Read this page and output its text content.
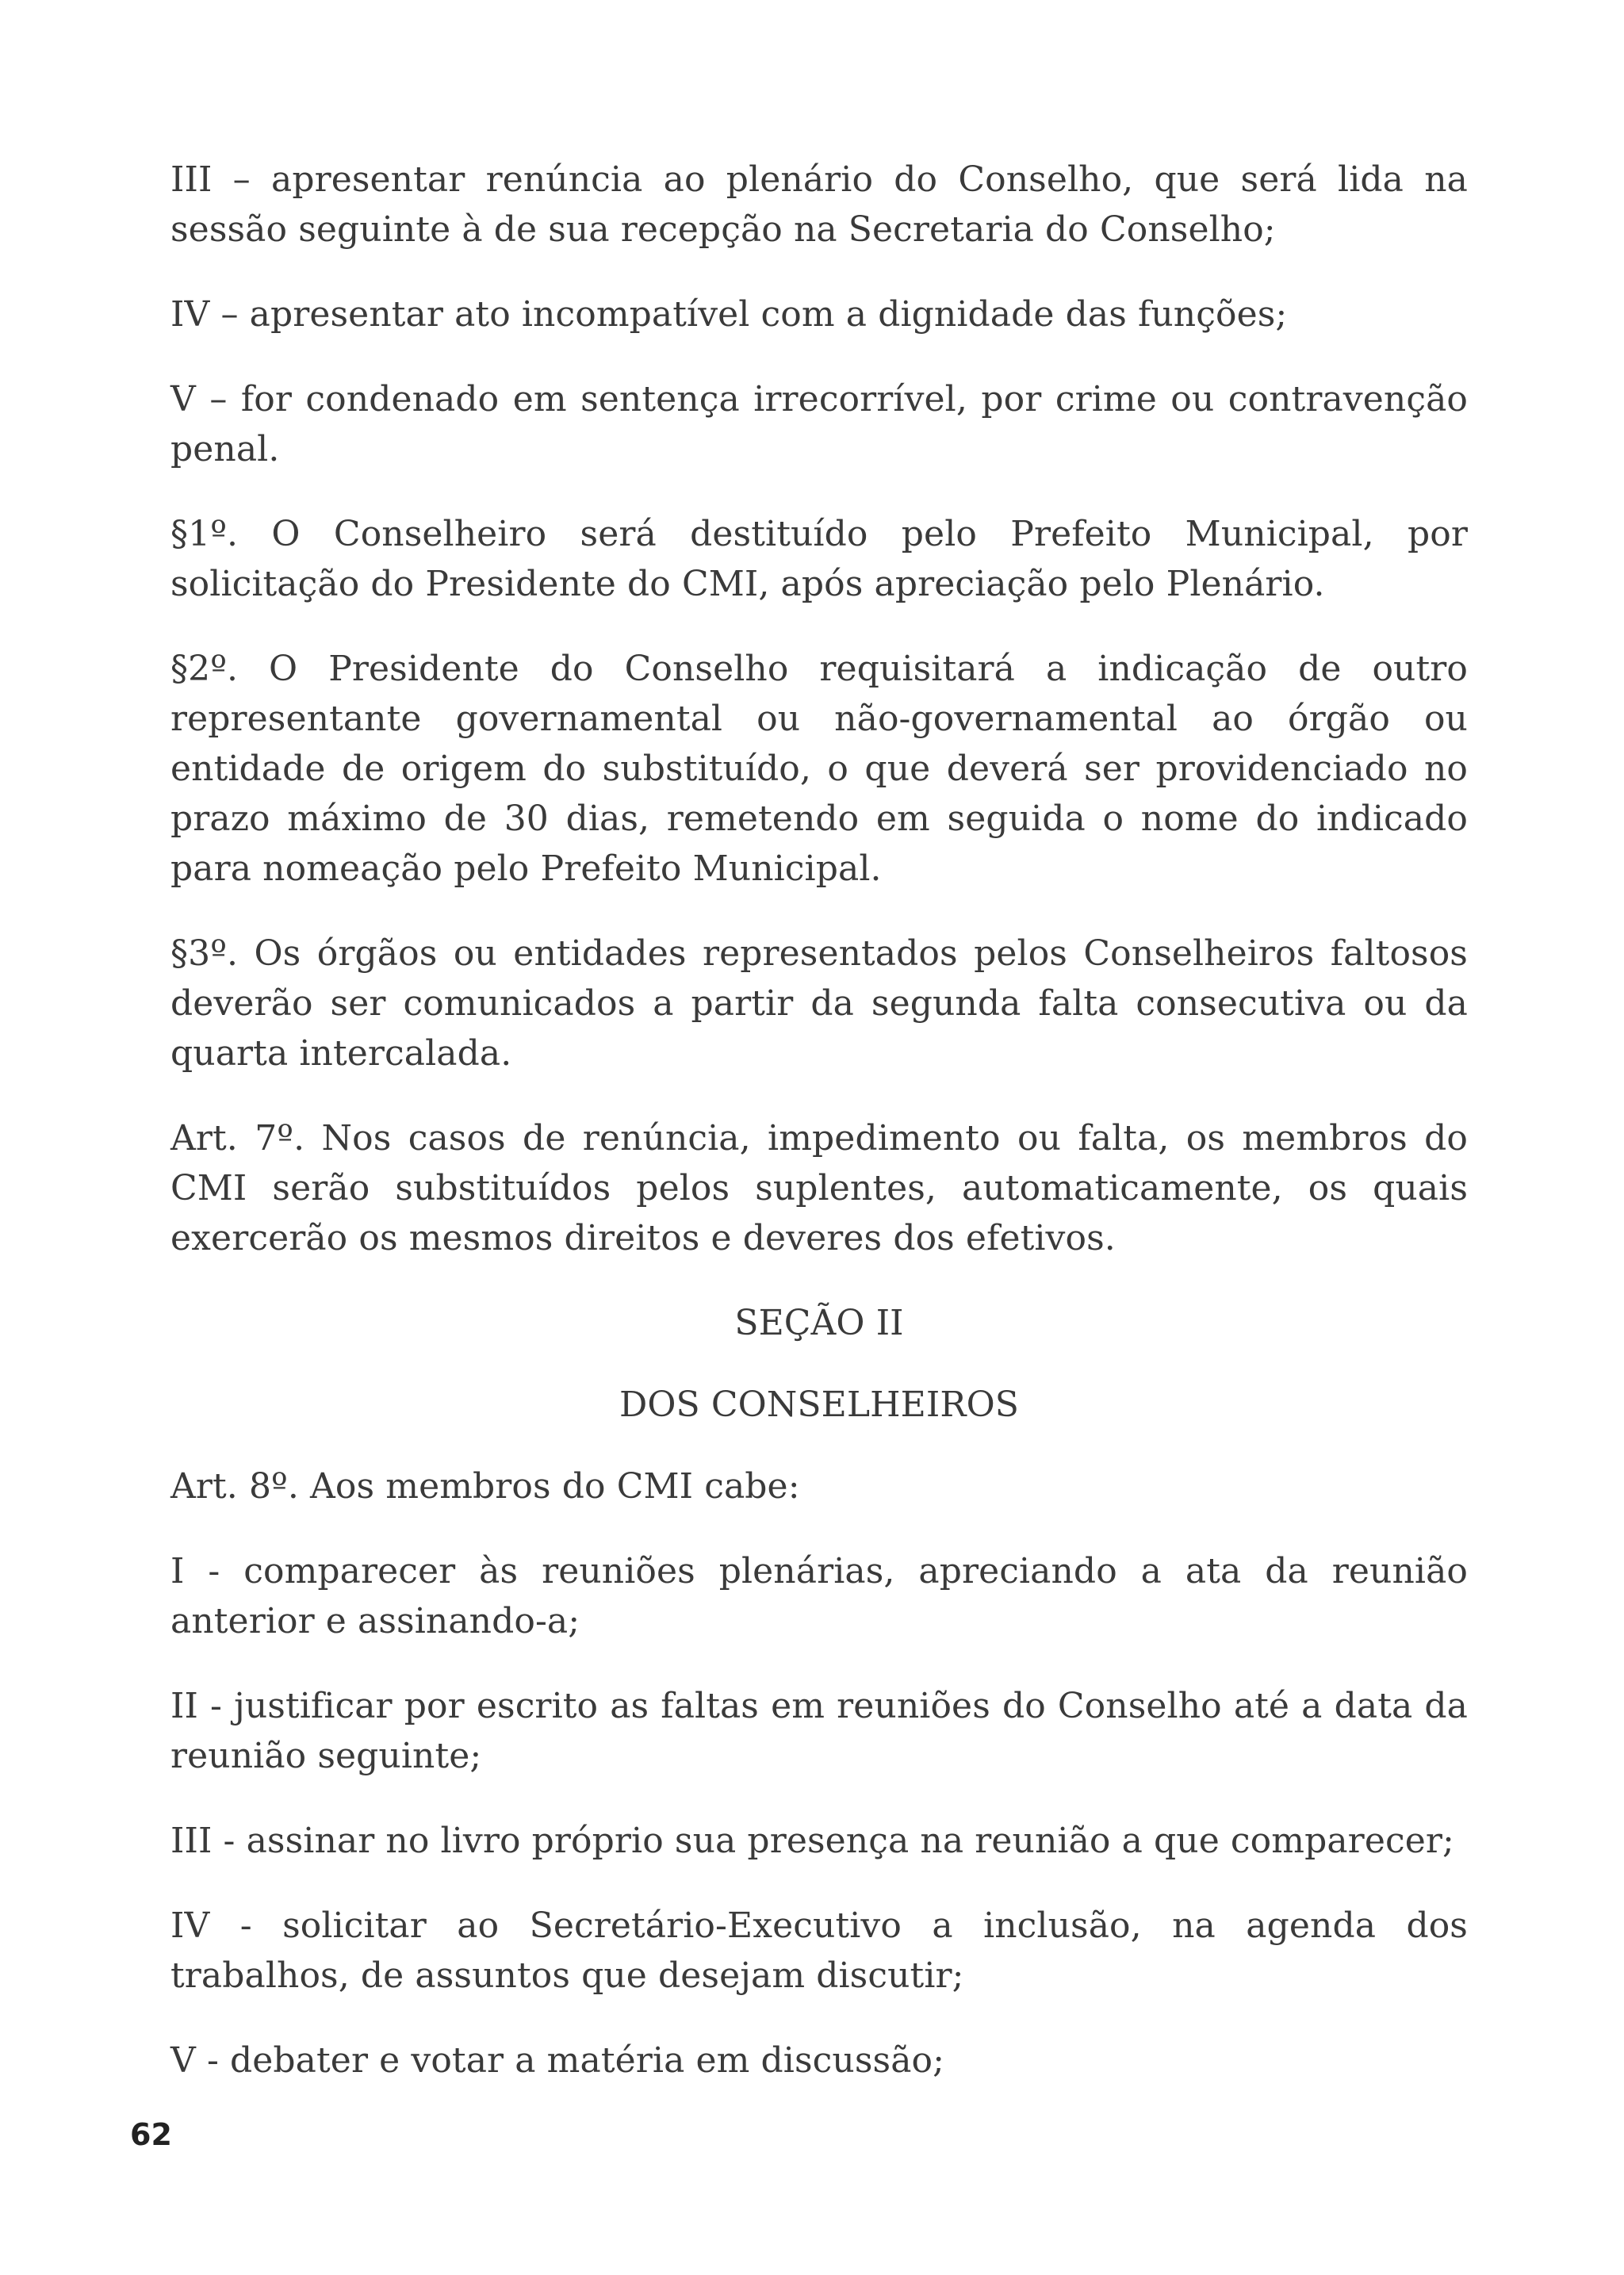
III – apresentar renúncia ao plenário do Conselho, que será lida na sessão seguinte à de sua recepção na Secretaria do Conselho;

IV – apresentar ato incompatível com a dignidade das funções;

V – for condenado em sentença irrecorrível, por crime ou contravenção penal.

§1º. O Conselheiro será destituído pelo Prefeito Municipal, por solicitação do Presidente do CMI, após apreciação pelo Plenário.

§2º. O Presidente do Conselho requisitará a indicação de outro representante governamental ou não-governamental ao órgão ou entidade de origem do substituído, o que deverá ser providenciado no prazo máximo de 30 dias, remetendo em seguida o nome do indicado para nomeação pelo Prefeito Municipal.

§3º. Os órgãos ou entidades representados pelos Conselheiros faltosos deverão ser comunicados a partir da segunda falta consecutiva ou da quarta intercalada.

Art. 7º. Nos casos de renúncia, impedimento ou falta, os membros do CMI serão substituídos pelos suplentes, automaticamente, os quais exercerão os mesmos direitos e deveres dos efetivos.

SEÇÃO II

DOS CONSELHEIROS

Art. 8º. Aos membros do CMI cabe:

I - comparecer às reuniões plenárias, apreciando a ata da reunião anterior e assinando-a;

II - justificar por escrito as faltas em reuniões do Conselho até a data da reunião seguinte;

III - assinar no livro próprio sua presença na reunião a que comparecer;

IV - solicitar ao Secretário-Executivo a inclusão, na agenda dos trabalhos, de assuntos que desejam discutir;

V - debater e votar a matéria em discussão;

62
